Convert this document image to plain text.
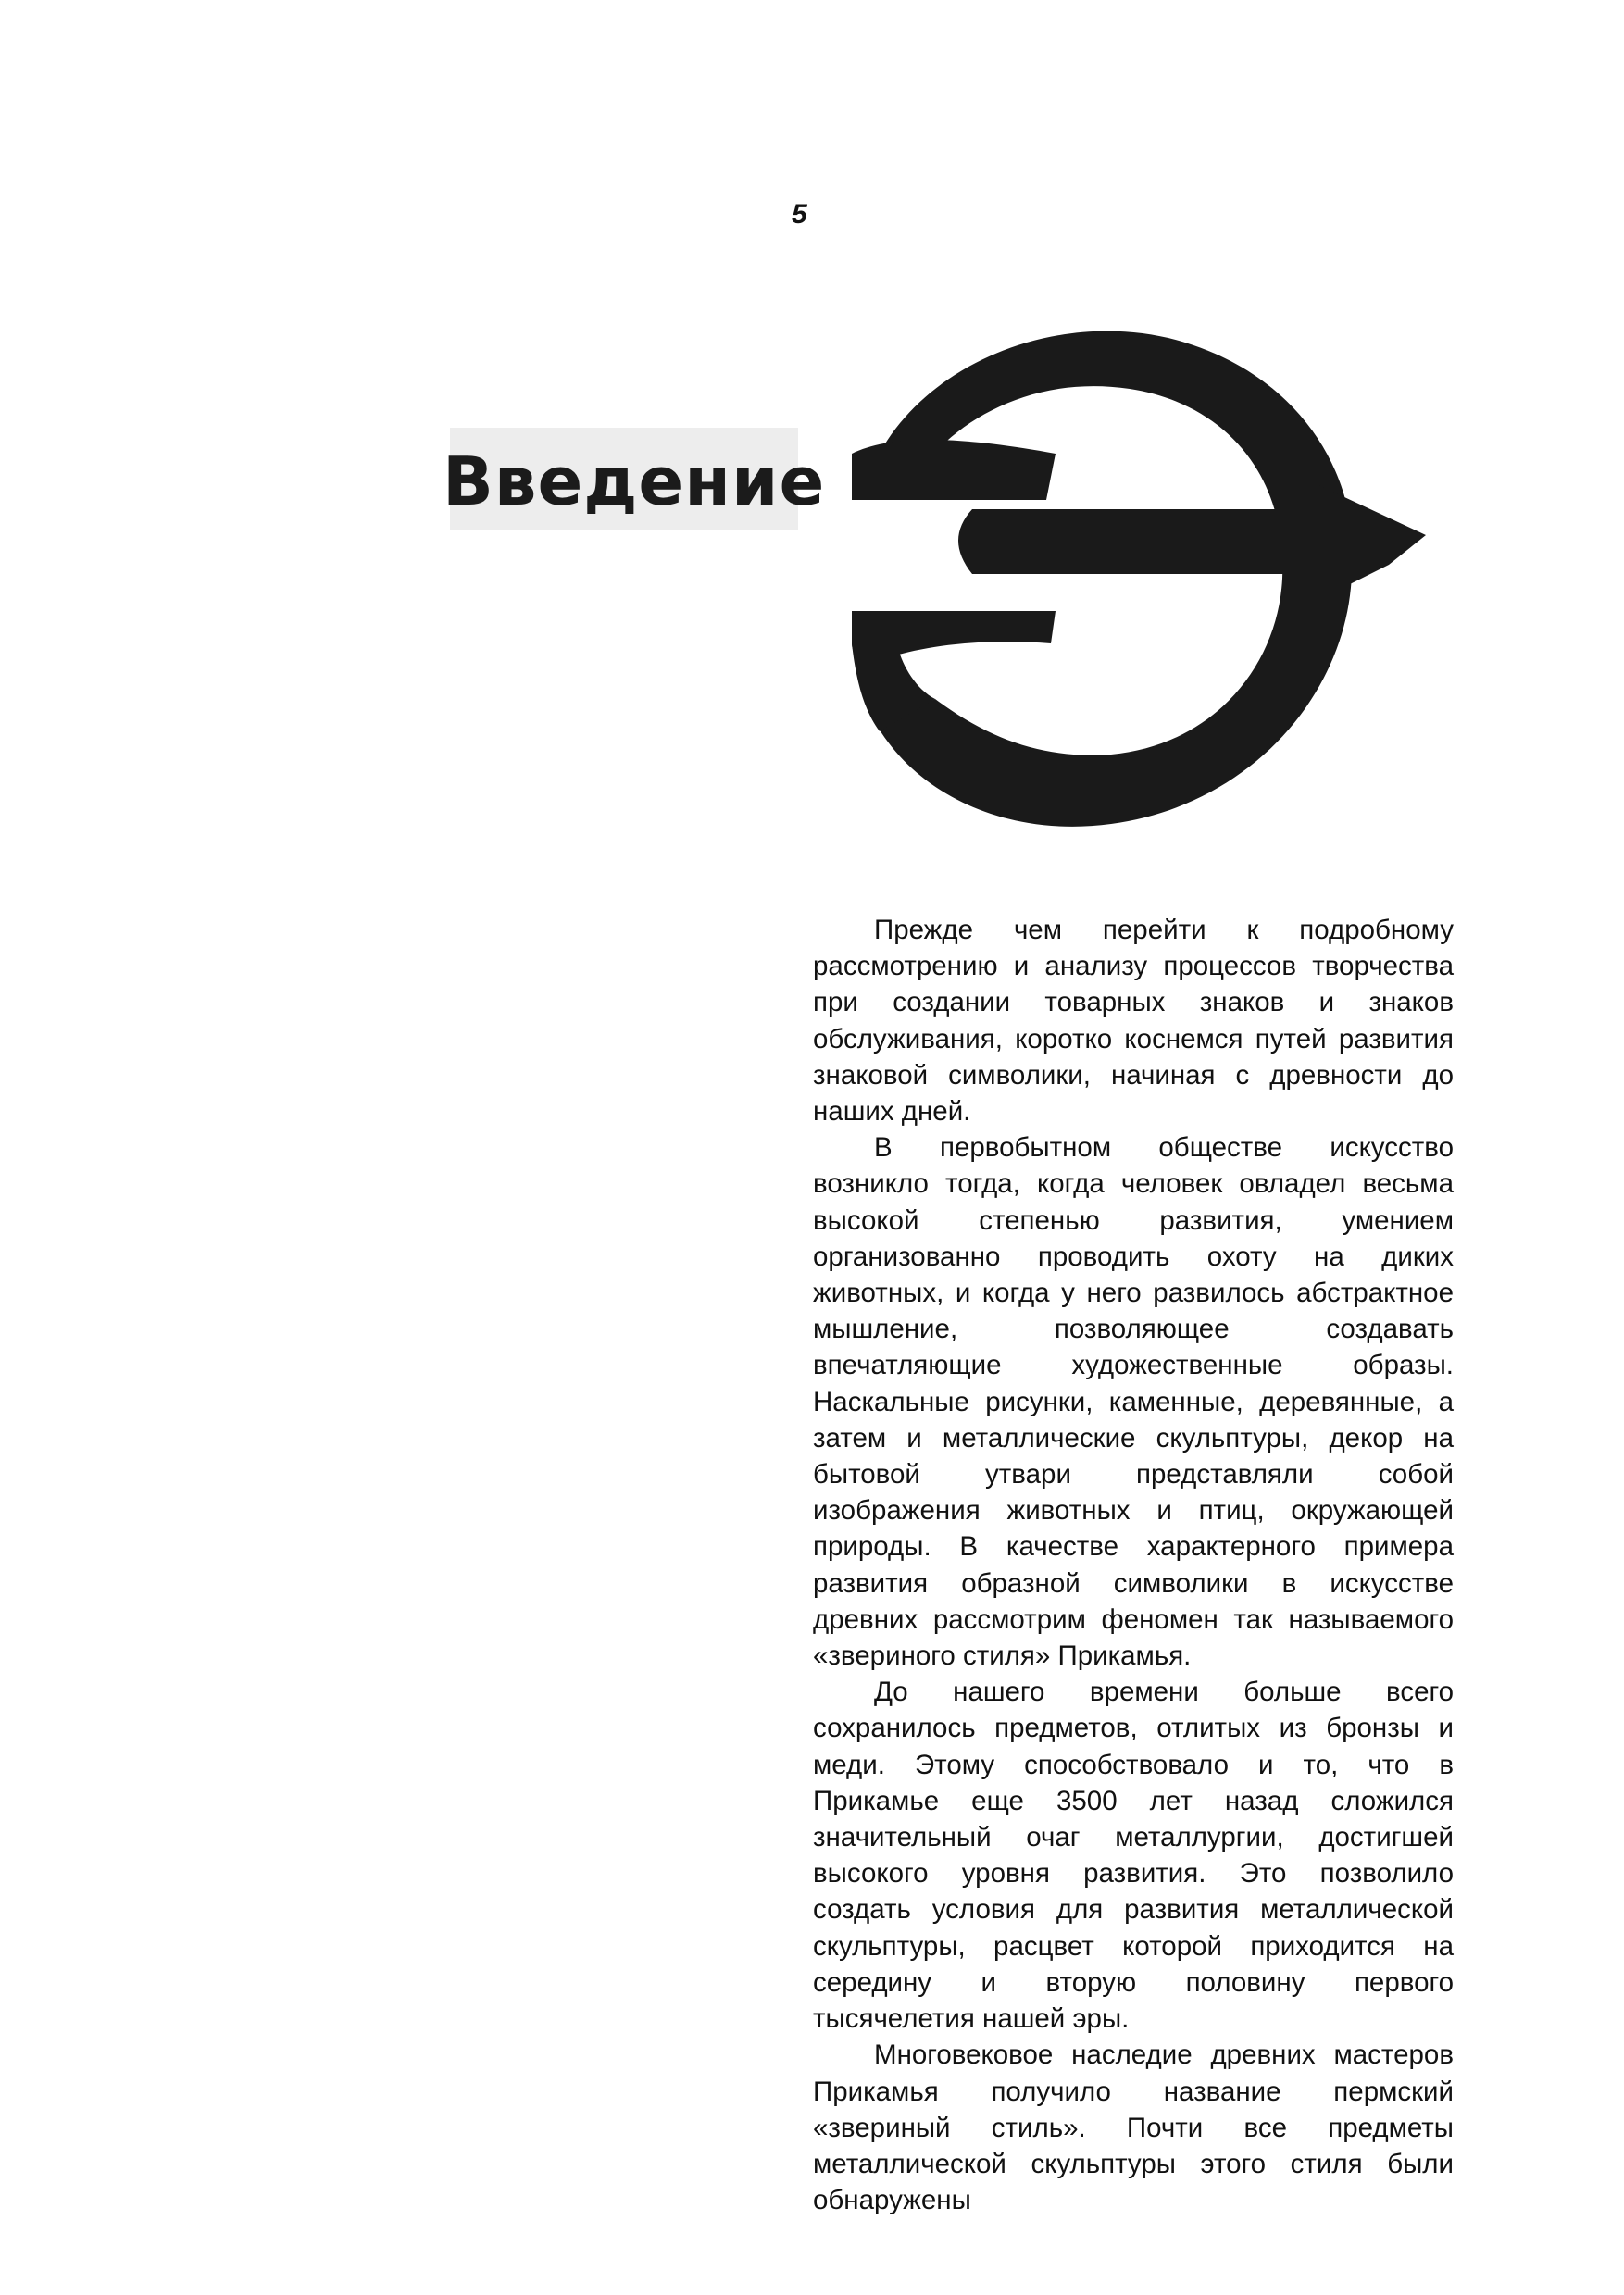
5
Введение

Прежде чем перейти к подробному рассмотрению и анализу процессов творчества при создании товарных знаков и знаков обслуживания, коротко коснемся путей развития знаковой символики, начиная с древности до наших дней.

В первобытном обществе искусство возникло тогда, когда человек овладел весьма высокой степенью развития, умением организованно проводить охоту на диких животных, и когда у него развилось абстрактное мышление, позволяющее создавать впечатляющие художественные образы. Наскальные рисунки, каменные, деревянные, а затем и металлические скульптуры, декор на бытовой утвари представляли собой изображения животных и птиц, окружающей природы. В качестве характерного примера развития образной символики в искусстве древних рассмотрим феномен так называемого «звериного стиля» Прикамья.

До нашего времени больше всего сохранилось предметов, отлитых из бронзы и меди. Этому способствовало и то, что в Прикамье еще 3500 лет назад сложился значительный очаг металлургии, достигшей высокого уровня развития. Это позволило создать условия для развития металлической скульптуры, расцвет которой приходится на середину и вторую половину первого тысячелетия нашей эры.

Многовековое наследие древних мастеров Прикамья получило название пермский «звериный стиль». Почти все предметы металлической скульптуры этого стиля были обнаружены
